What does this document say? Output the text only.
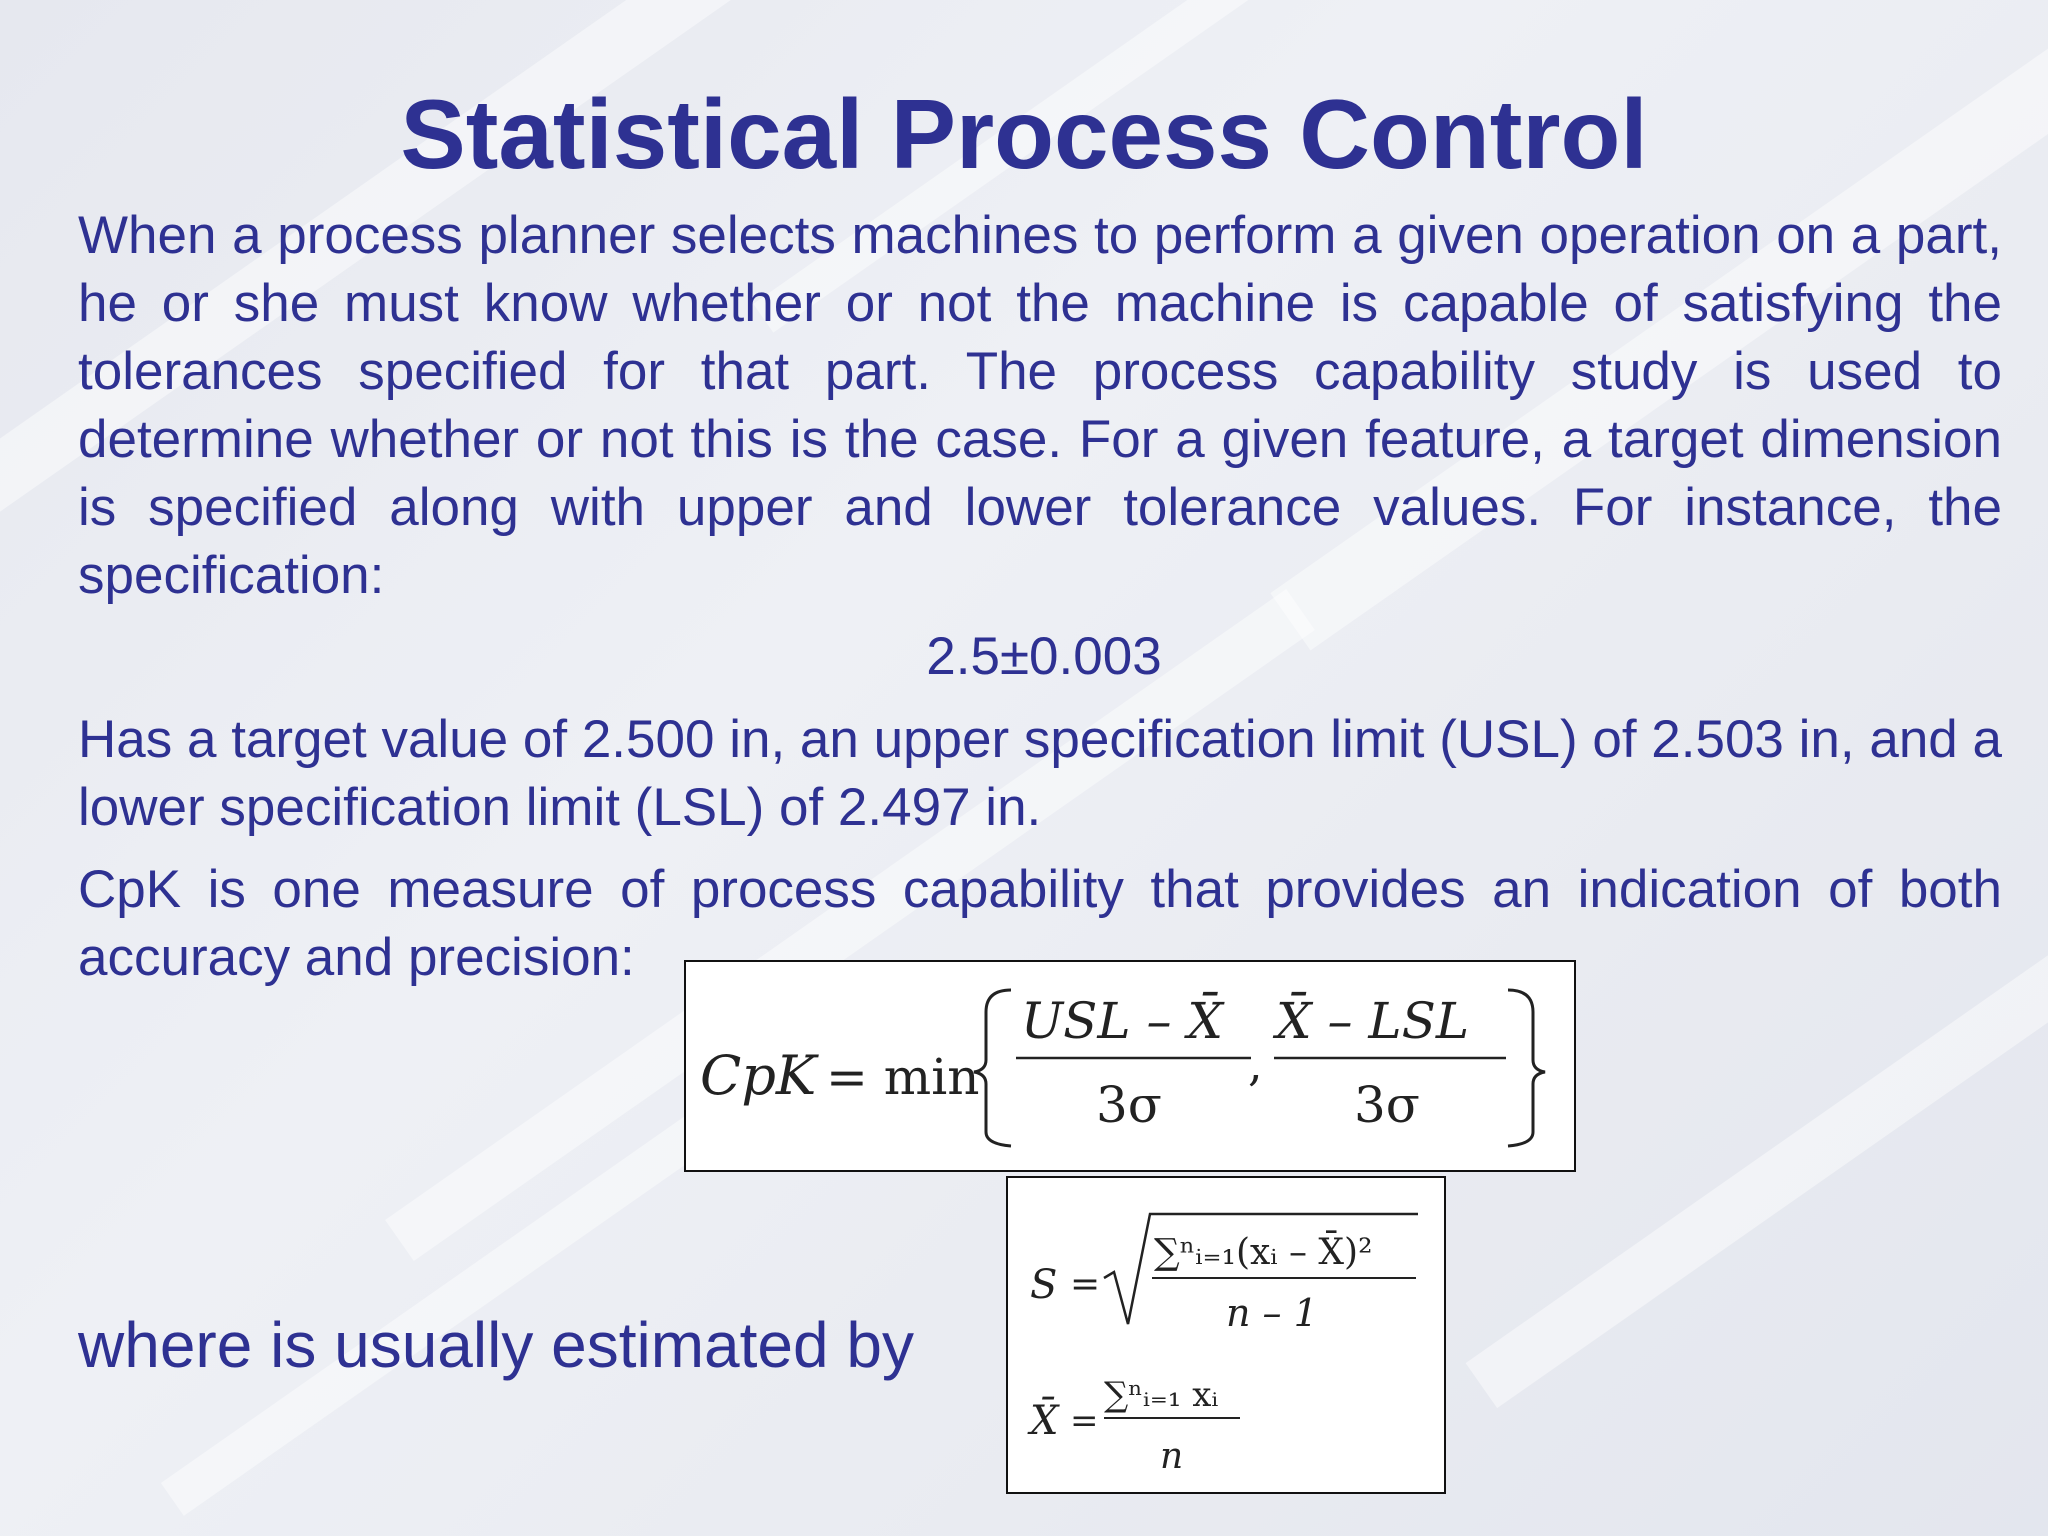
Statistical Process Control

When a process planner selects machines to perform a given operation on a part, he or she must know whether or not the machine is capable of satisfying the tolerances specified for that part. The process capability study is used to determine whether or not this is the case. For a given feature, a target dimension is specified along with upper and lower tolerance values. For instance, the specification:

2.5±0.003

Has a target value of 2.500 in, an upper specification limit (USL) of 2.503 in, and a lower specification limit (LSL) of 2.497 in.

CpK is one measure of process capability that provides an indication of both accuracy and precision:

CpK = min
USL – X̄
3σ
,
X̄ – LSL
3σ
S =
∑ⁿᵢ₌₁(xᵢ – X̄)²
n – 1
X̄ =
∑ⁿᵢ₌₁ xᵢ
n

where is usually estimated by
